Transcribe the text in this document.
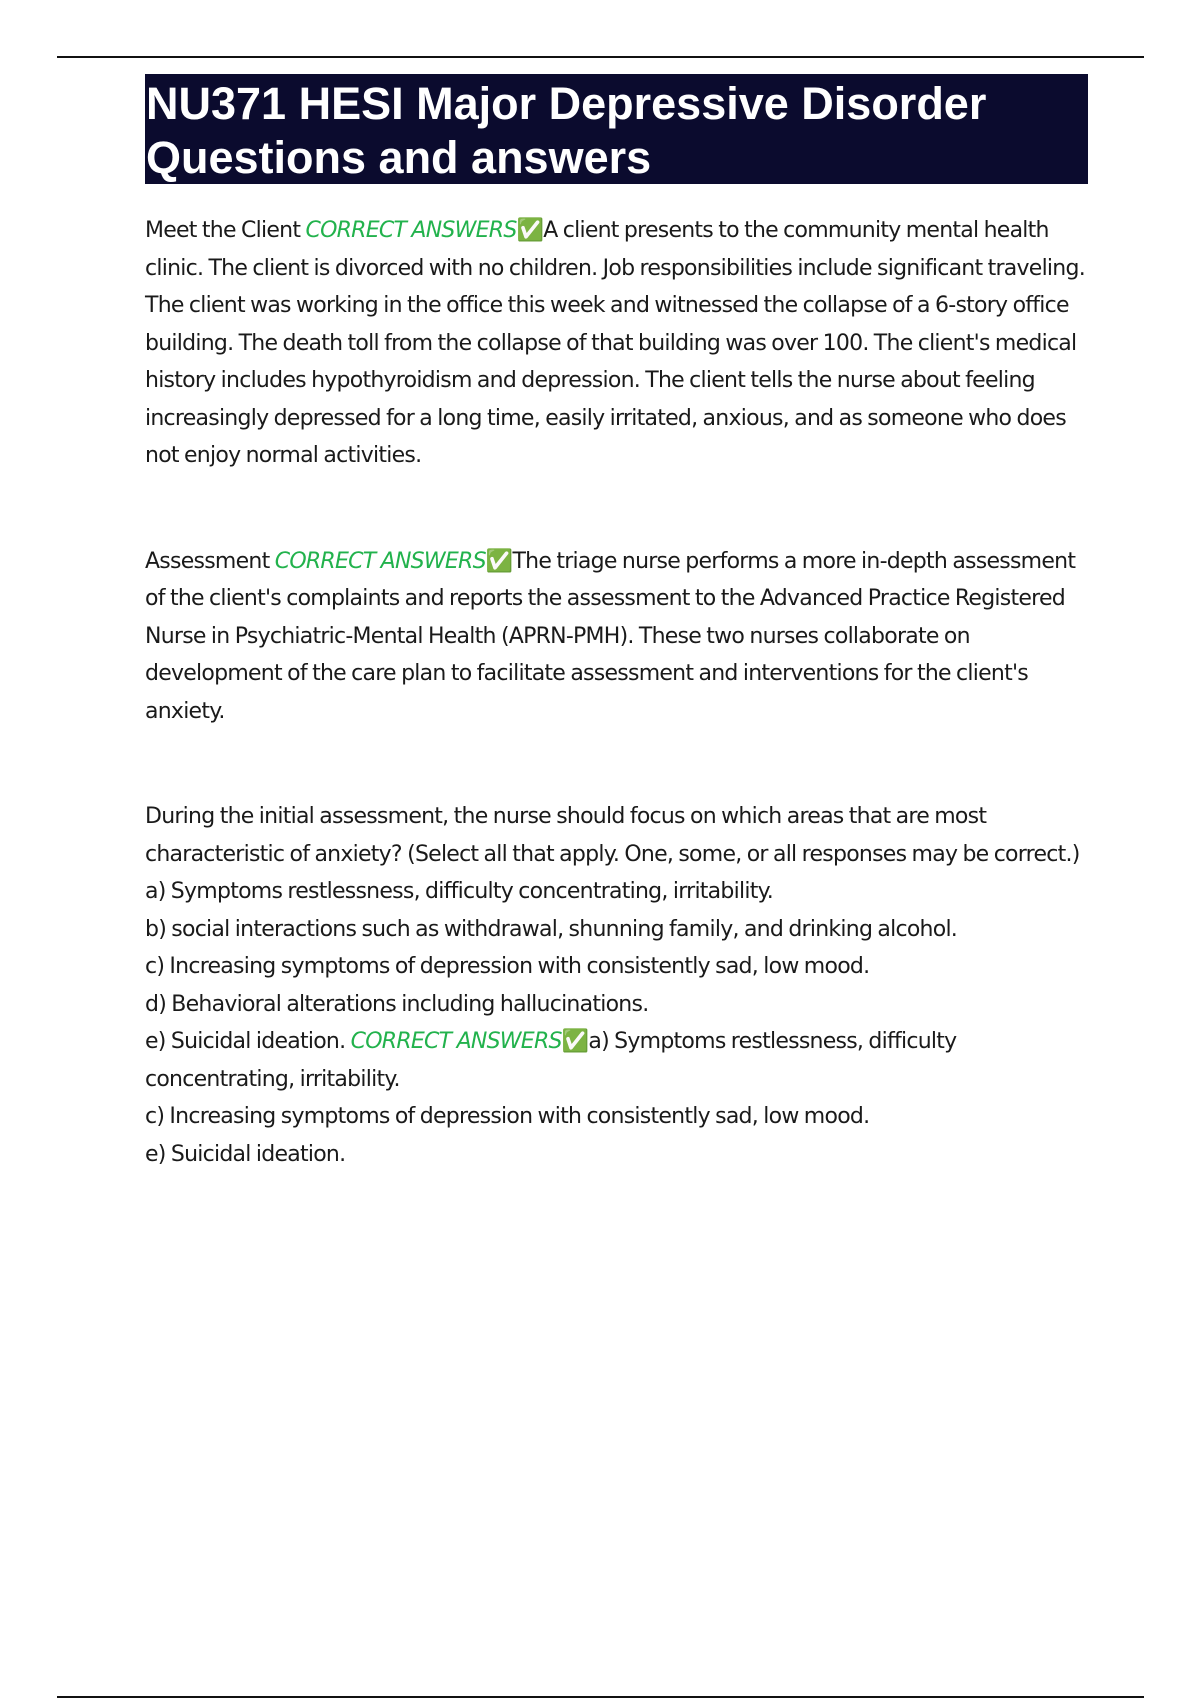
NU371 HESI Major Depressive Disorder Questions and answers

Meet the Client CORRECT ANSWERS✅A client presents to the community mental health clinic. The client is divorced with no children. Job responsibilities include significant traveling. The client was working in the office this week and witnessed the collapse of a 6-story office building. The death toll from the collapse of that building was over 100. The client's medical history includes hypothyroidism and depression. The client tells the nurse about feeling increasingly depressed for a long time, easily irritated, anxious, and as someone who does not enjoy normal activities.

Assessment CORRECT ANSWERS✅The triage nurse performs a more in-depth assessment of the client's complaints and reports the assessment to the Advanced Practice Registered Nurse in Psychiatric-Mental Health (APRN-PMH). These two nurses collaborate on development of the care plan to facilitate assessment and interventions for the client's anxiety.

During the initial assessment, the nurse should focus on which areas that are most characteristic of anxiety? (Select all that apply. One, some, or all responses may be correct.)

a) Symptoms restlessness, difficulty concentrating, irritability.

b) social interactions such as withdrawal, shunning family, and drinking alcohol.

c) Increasing symptoms of depression with consistently sad, low mood.

d) Behavioral alterations including hallucinations.

e) Suicidal ideation. CORRECT ANSWERS✅a) Symptoms restlessness, difficulty concentrating, irritability.

c) Increasing symptoms of depression with consistently sad, low mood.

e) Suicidal ideation.
